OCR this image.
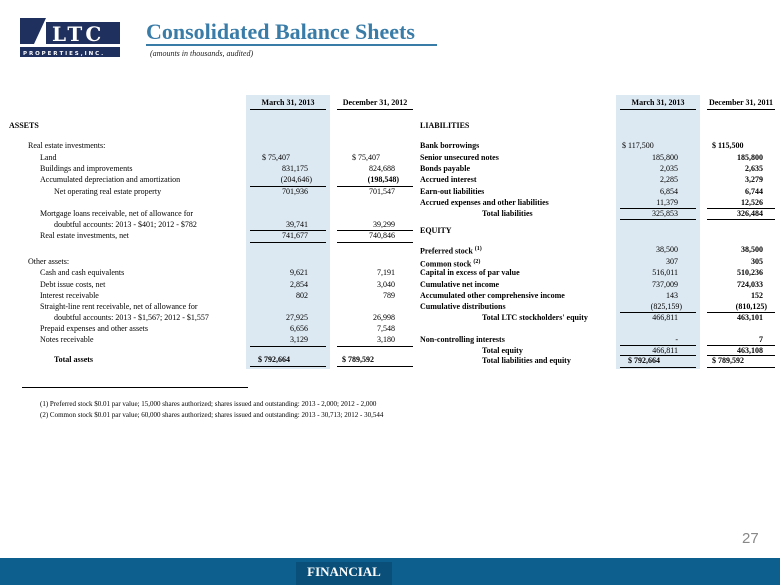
LTC
P R O P E R T I E S , I N C .
Consolidated Balance Sheets
(amounts in thousands, audited)
March 31, 2013	December 31, 2012	March 31, 2013	December 31, 2011
ASSETS
Real estate investments:
Land	$ 75,407	$ 75,407
Buildings and improvements	831,175	824,688
Accumulated depreciation and amortization	(204,646)	(198,548)
Net operating real estate property	701,936	701,547
Mortgage loans receivable, net of allowance for
doubtful accounts: 2013 - $401; 2012 - $782	39,741	39,299
Real estate investments, net	741,677	740,846
Other assets:
Cash and cash equivalents	9,621	7,191
Debt issue costs, net	2,854	3,040
Interest receivable	802	789
Straight-line rent receivable, net of allowance for
doubtful accounts: 2013 - $1,567; 2012 - $1,557	27,925	26,998
Prepaid expenses and other assets	6,656	7,548
Notes receivable	3,129	3,180
Total assets	$ 792,664	$ 789,592
LIABILITIES
Bank borrowings	$ 117,500	$ 115,500
Senior unsecured notes	185,800	185,800
Bonds payable	2,035	2,635
Accrued interest	2,285	3,279
Earn-out liabilities	6,854	6,744
Accrued expenses and other liabilities	11,379	12,526
Total liabilities	325,853	326,484
EQUITY
Preferred stock $^{(1)}$	38,500	38,500
Common stock $^{(2)}$	307	305
Capital in excess of par value	516,011	510,236
Cumulative net income	737,009	724,033
Accumulated other comprehensive income	143	152
Cumulative distributions	(825,159)	(810,125)
Total LTC stockholders' equity	466,811	463,101
Non-controlling interests	-	7
Total equity	466,811	463,108
Total liabilities and equity	$ 792,664	$ 789,592
(1) Preferred stock $0.01 par value; 15,000 shares authorized; shares issued and outstanding: 2013 - 2,000; 2012 - 2,000
(2) Common stock $0.01 par value; 60,000 shares authorized; shares issued and outstanding: 2013 - 30,713; 2012 - 30,544
27
FINANCIAL
